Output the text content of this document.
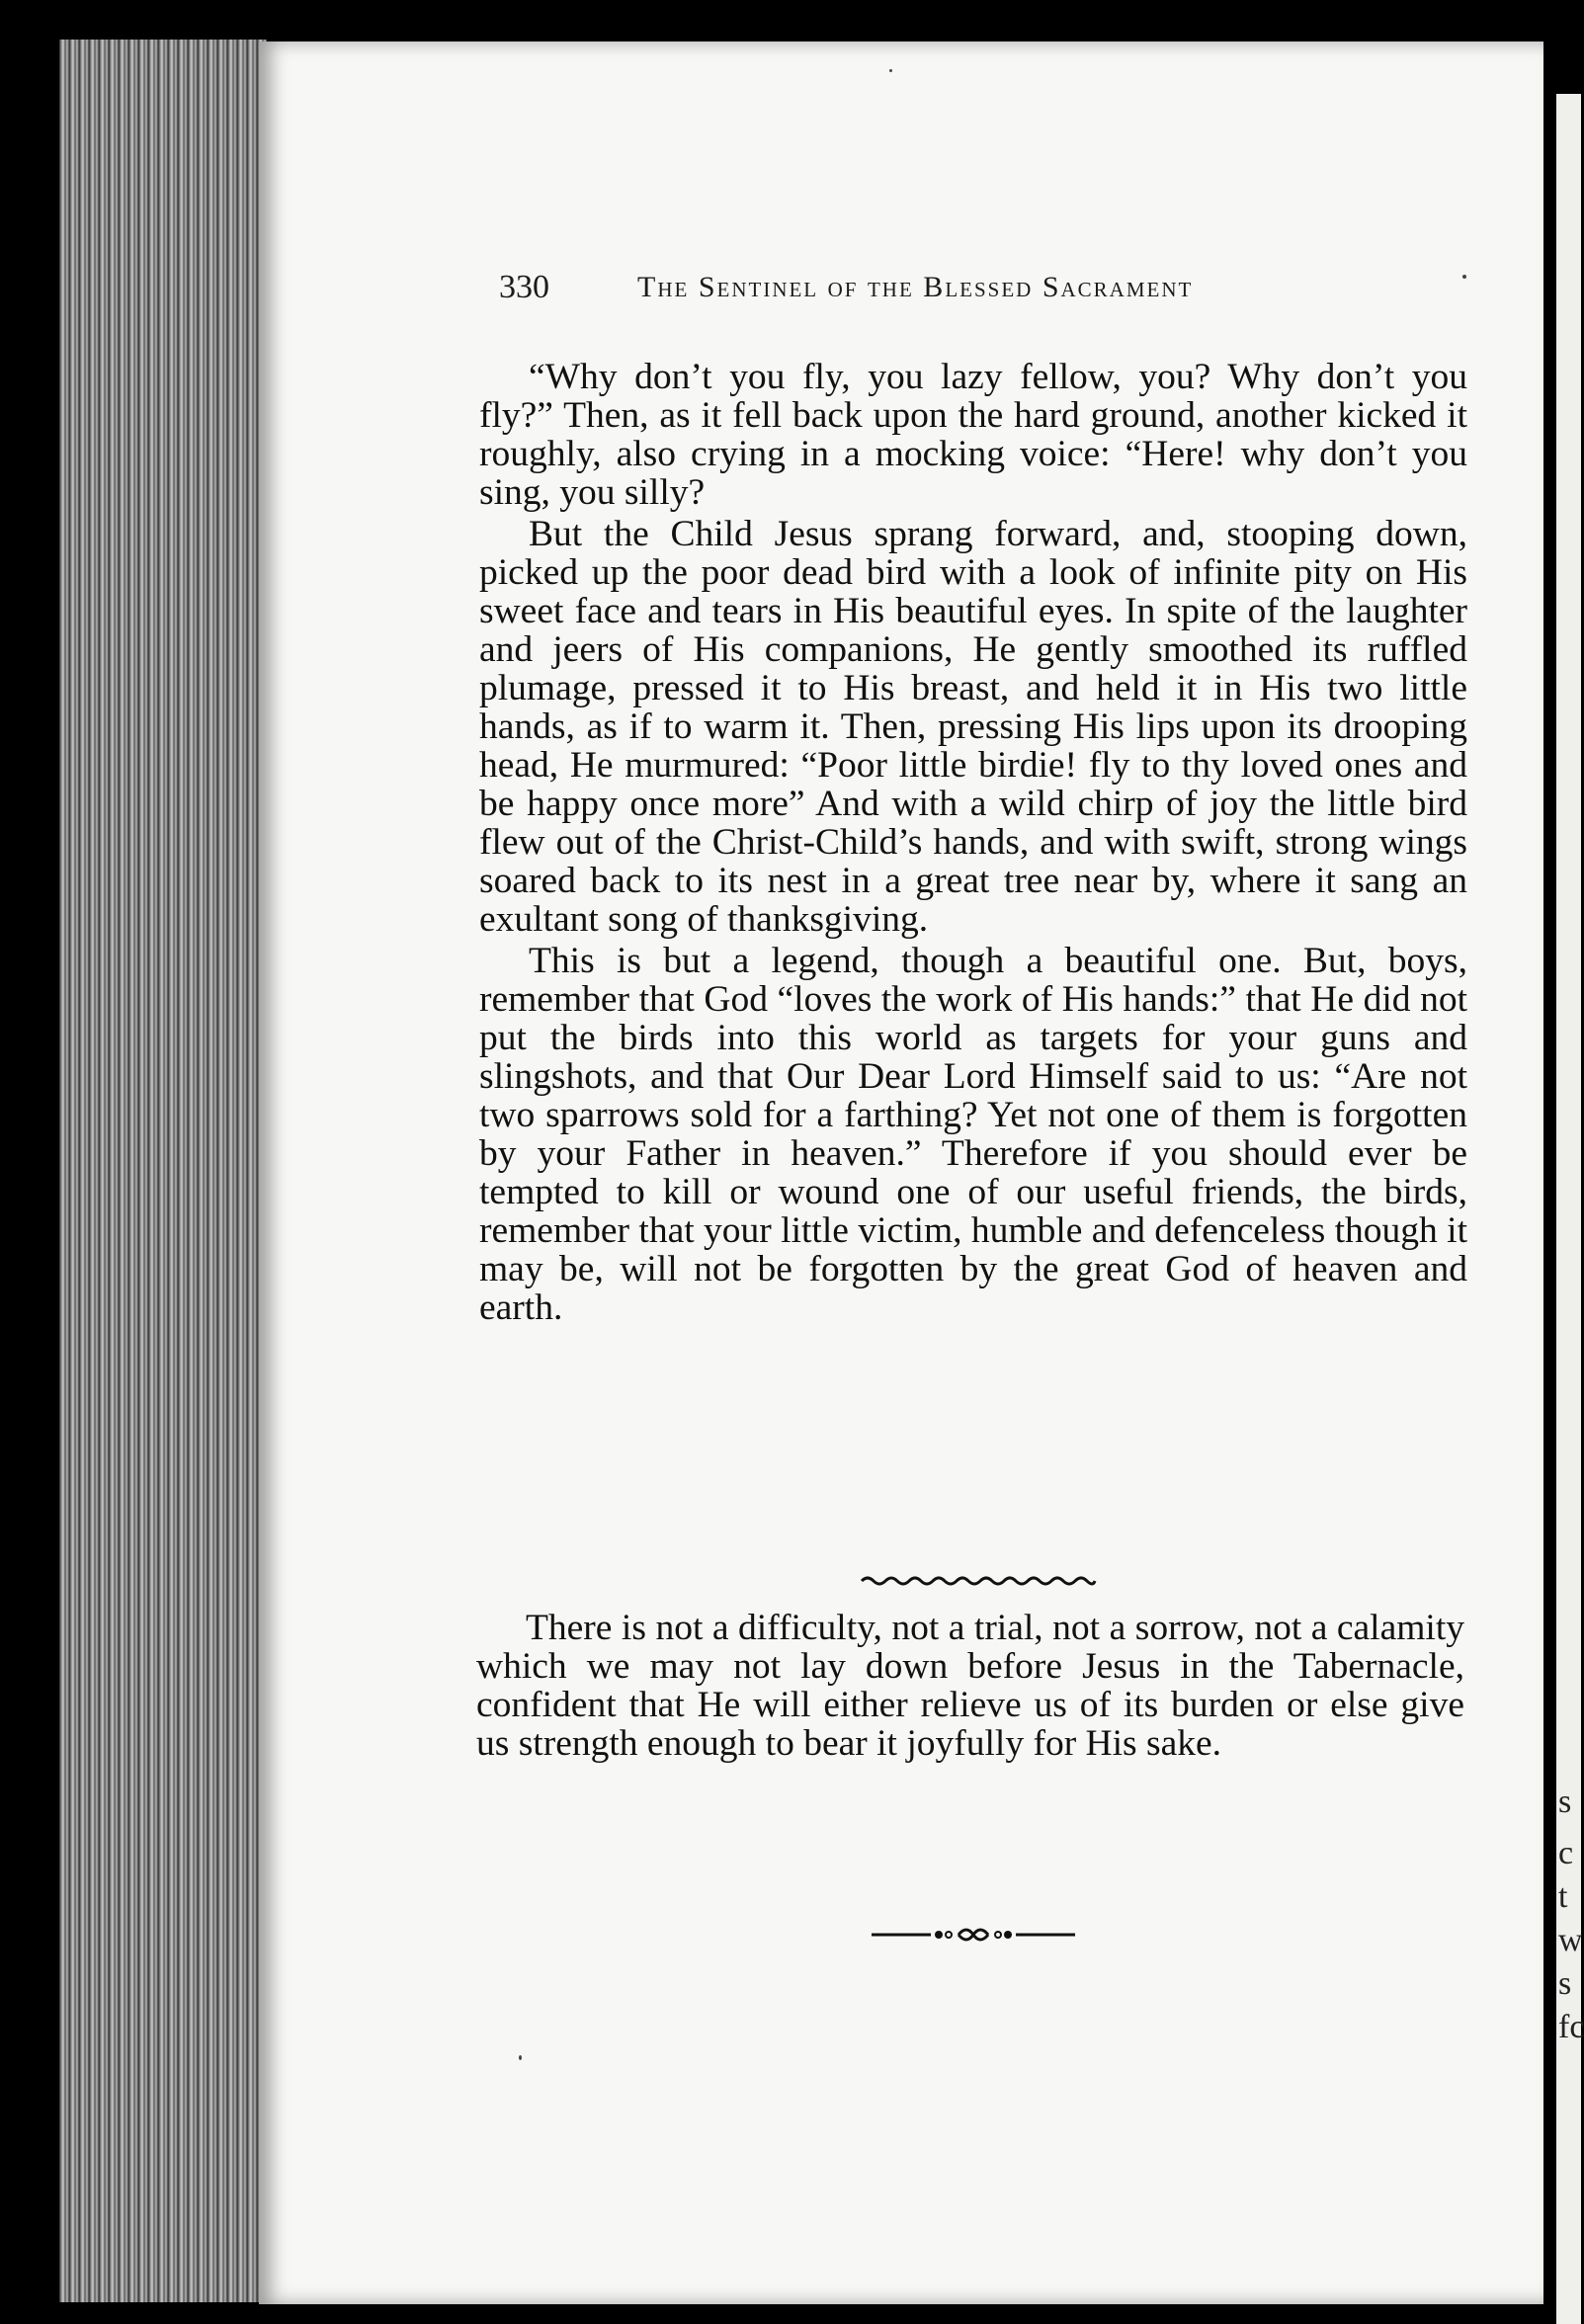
s
c
t
w
s
fc
330	The Sentinel of the Blessed Sacrament

“Why don’t you fly, you lazy fellow, you? Why don’t you fly?” Then, as it fell back upon the hard ground, another kicked it roughly, also crying in a mocking voice: “Here! why don’t you sing, you silly?

But the Child Jesus sprang forward, and, stooping down, picked up the poor dead bird with a look of infinite pity on His sweet face and tears in His beautiful eyes. In spite of the laughter and jeers of His companions, He gently smoothed its ruffled plumage, pressed it to His breast, and held it in His two little hands, as if to warm it. Then, pressing His lips upon its drooping head, He murmured: “Poor little birdie! fly to thy loved ones and be happy once more” And with a wild chirp of joy the little bird flew out of the Christ-Child’s hands, and with swift, strong wings soared back to its nest in a great tree near by, where it sang an exultant song of thanksgiving.

This is but a legend, though a beautiful one. But, boys, remember that God “loves the work of His hands:” that He did not put the birds into this world as targets for your guns and slingshots, and that Our Dear Lord Himself said to us: “Are not two sparrows sold for a farthing? Yet not one of them is forgotten by your Father in heaven.” Therefore if you should ever be tempted to kill or wound one of our useful friends, the birds, remember that your little victim, humble and defenceless though it may be, will not be forgotten by the great God of heaven and earth.

There is not a difficulty, not a trial, not a sorrow, not a calamity which we may not lay down before Jesus in the Tabernacle, confident that He will either relieve us of its burden or else give us strength enough to bear it joyfully for His sake.
